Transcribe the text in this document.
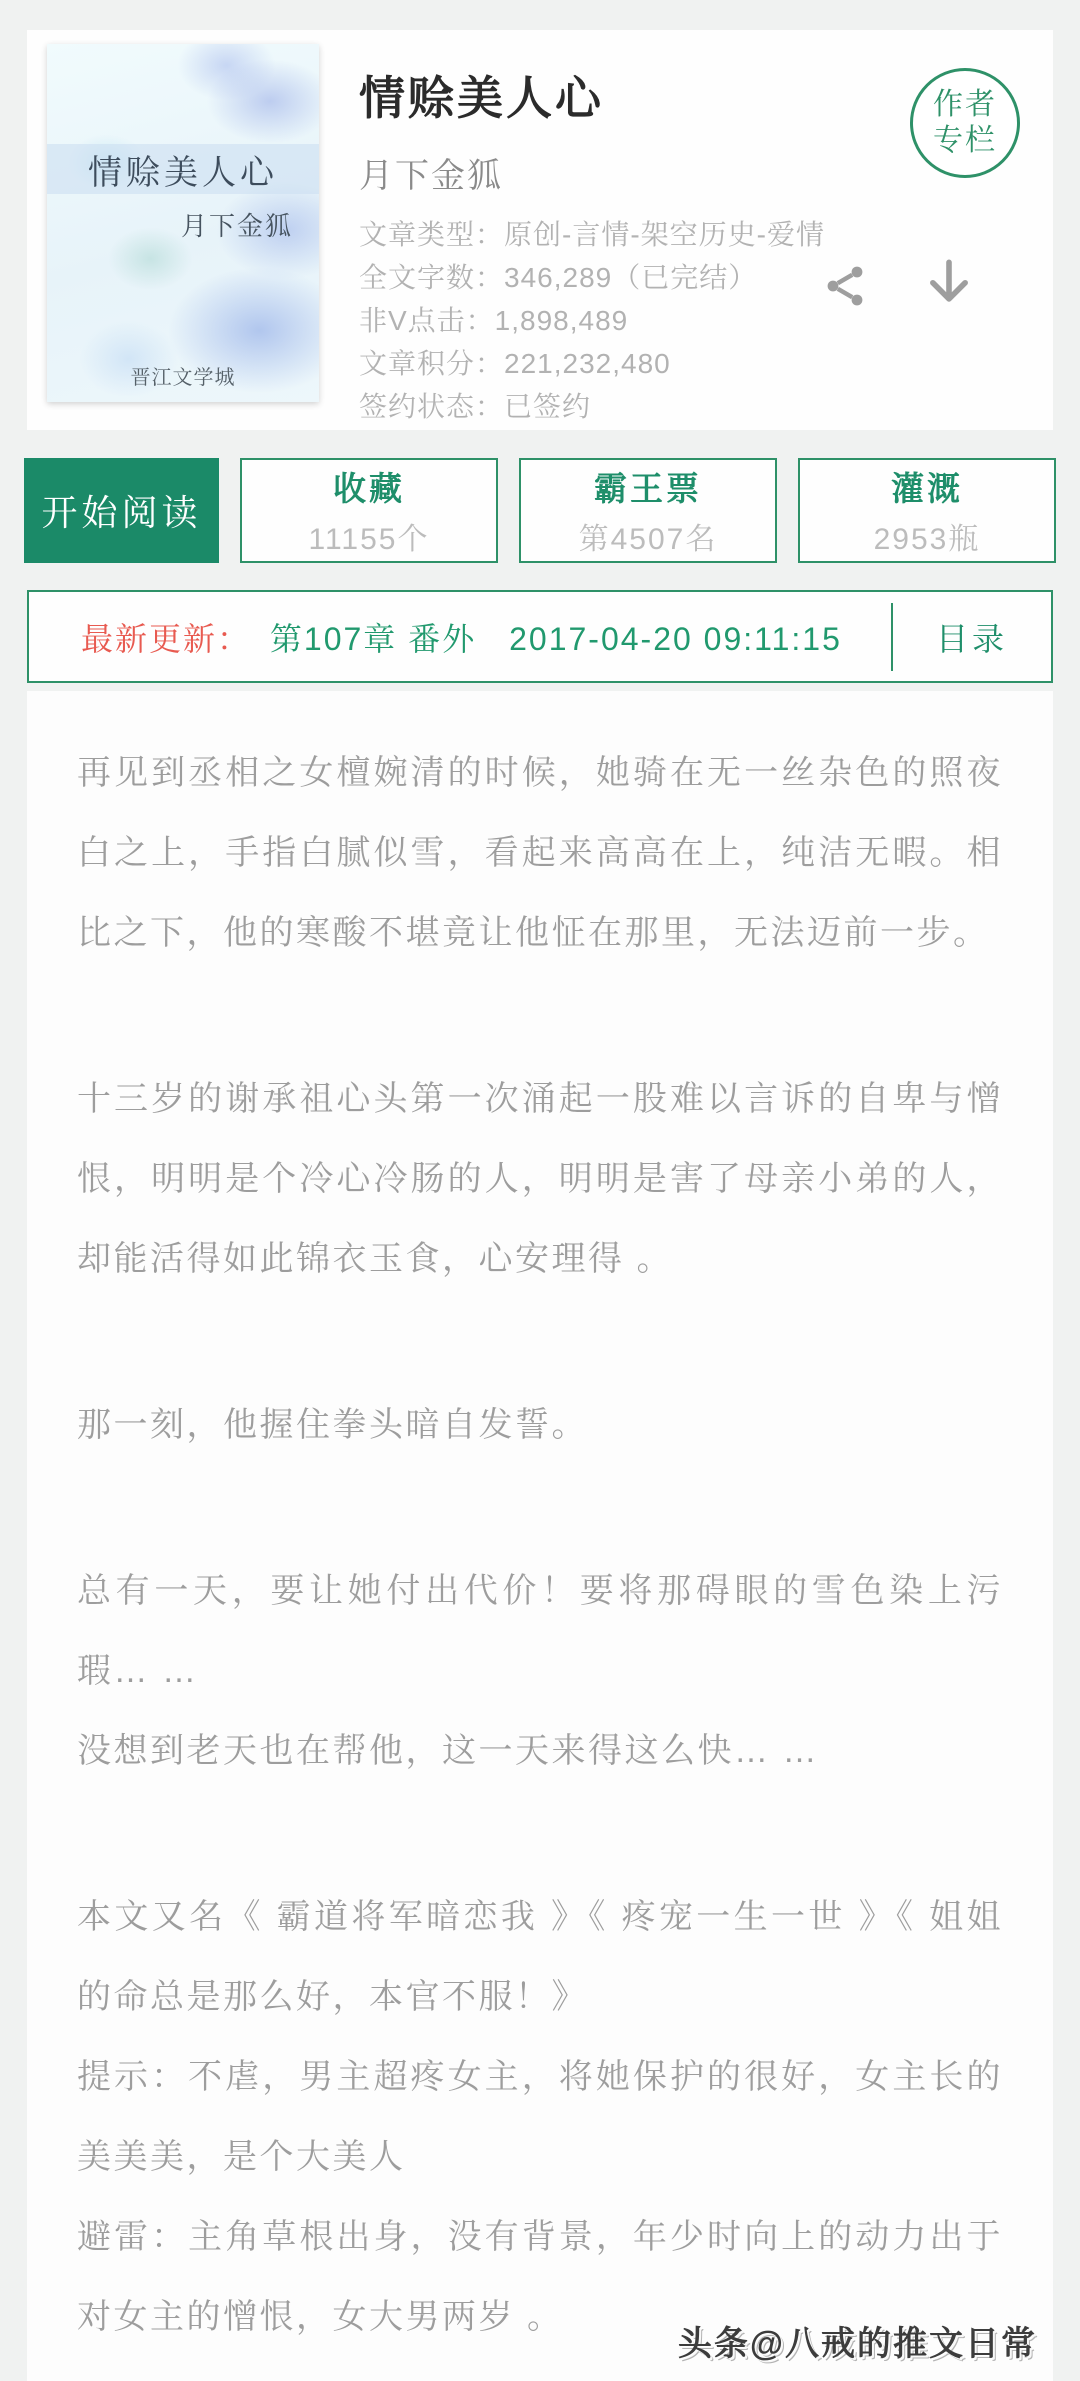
情赊美人心
月下金狐
晋江文学城
情赊美人心
月下金狐
文章类型：原创-言情-架空历史-爱情
全文字数：346,289（已完结）
非V点击：1,898,489
文章积分：221,232,480
签约状态：已签约
作者
专栏
开始阅读
收藏
11155个
霸王票
第4507名
灌溉
2953瓶
最新更新： 第107章 番外 2017-04-20 09:11:15	目录

再见到丞相之女檀婉清的时候，她骑在无一丝杂色的照夜白之上，手指白腻似雪，看起来高高在上，纯洁无暇。相比之下，他的寒酸不堪竟让他怔在那里，无法迈前一步。

十三岁的谢承祖心头第一次涌起一股难以言诉的自卑与憎恨，明明是个冷心冷肠的人，明明是害了母亲小弟的人，却能活得如此锦衣玉食，心安理得 。

那一刻，他握住拳头暗自发誓。

总有一天，要让她付出代价！要将那碍眼的雪色染上污瑕… …

没想到老天也在帮他，这一天来得这么快… …

本文又名《 霸道将军暗恋我 》《 疼宠一生一世 》《 姐姐的命总是那么好，本官不服！》

提示：不虐，男主超疼女主，将她保护的很好，女主长的美美美，是个大美人

避雷：主角草根出身，没有背景，年少时向上的动力出于对女主的憎恨，女大男两岁 。

头条@八戒的推文日常
